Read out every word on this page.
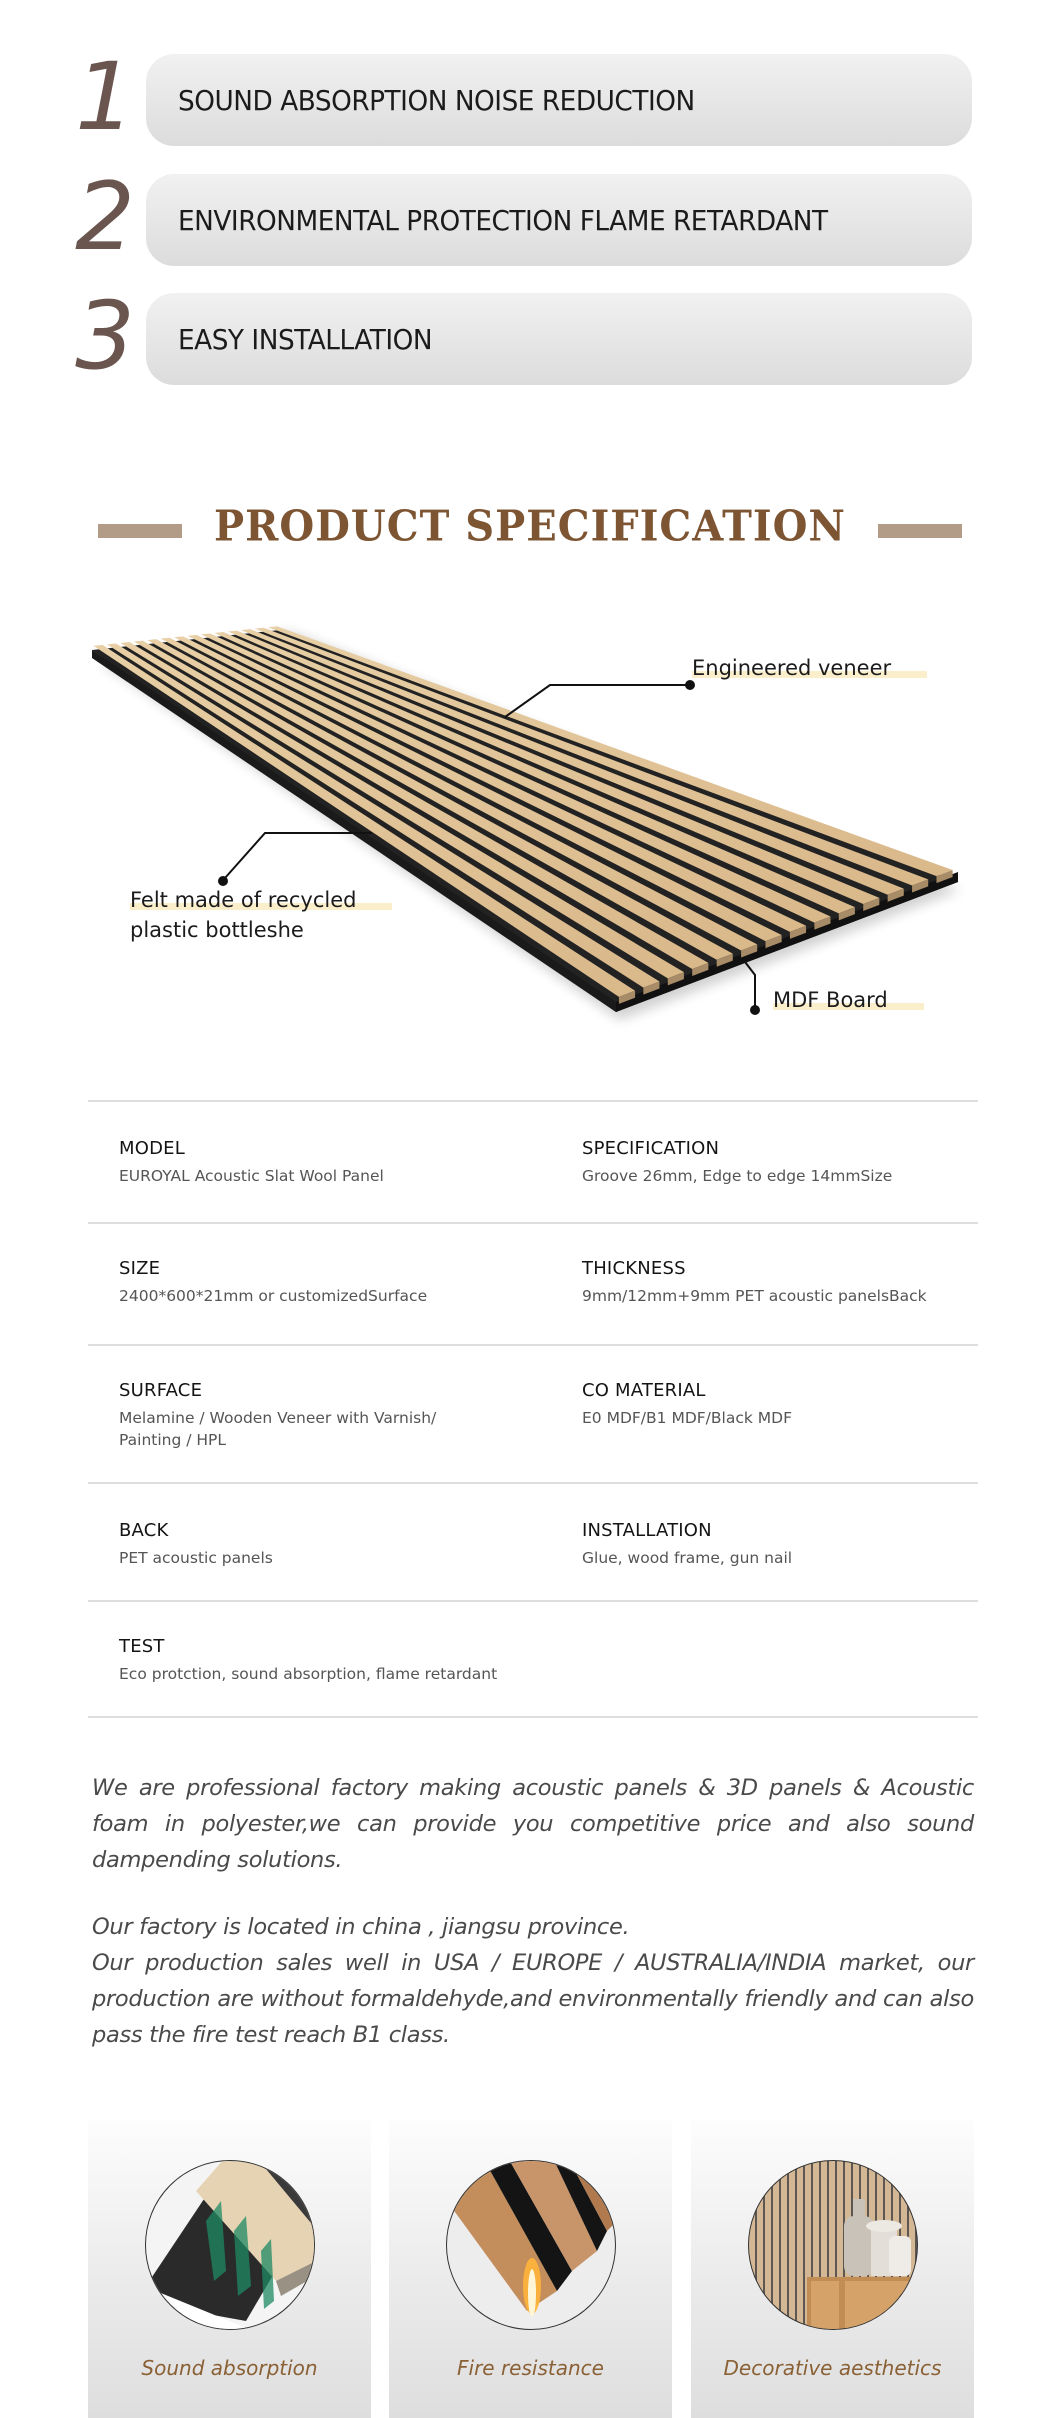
1 SOUND ABSORPTION NOISE REDUCTION
2 ENVIRONMENTAL PROTECTION FLAME RETARDANT
3 EASY INSTALLATION
PRODUCT SPECIFICATION
Engineered veneer
Felt made of recycled
plastic bottleshe
MDF Board
MODEL
EUROYAL Acoustic Slat Wool Panel
SPECIFICATION
Groove 26mm, Edge to edge 14mmSize
SIZE
2400*600*21mm or customizedSurface
THICKNESS
9mm/12mm+9mm PET acoustic panelsBack
SURFACE
Melamine / Wooden Veneer with Varnish/
Painting / HPL
CO MATERIAL
E0 MDF/B1 MDF/Black MDF
BACK
PET acoustic panels
INSTALLATION
Glue, wood frame, gun nail
TEST
Eco protction, sound absorption, flame retardant

We are professional factory making acoustic panels & 3D panels & Acoustic foam in polyester,we can provide you competitive price and also sound dampending solutions.

Our factory is located in china , jiangsu province.

Our production sales well in USA / EUROPE / AUSTRALIA/INDIA market, our production are without formaldehyde,and environmentally friendly and can also pass the fire test reach B1 class.

Sound absorption	Fire resistance	Decorative aesthetics
